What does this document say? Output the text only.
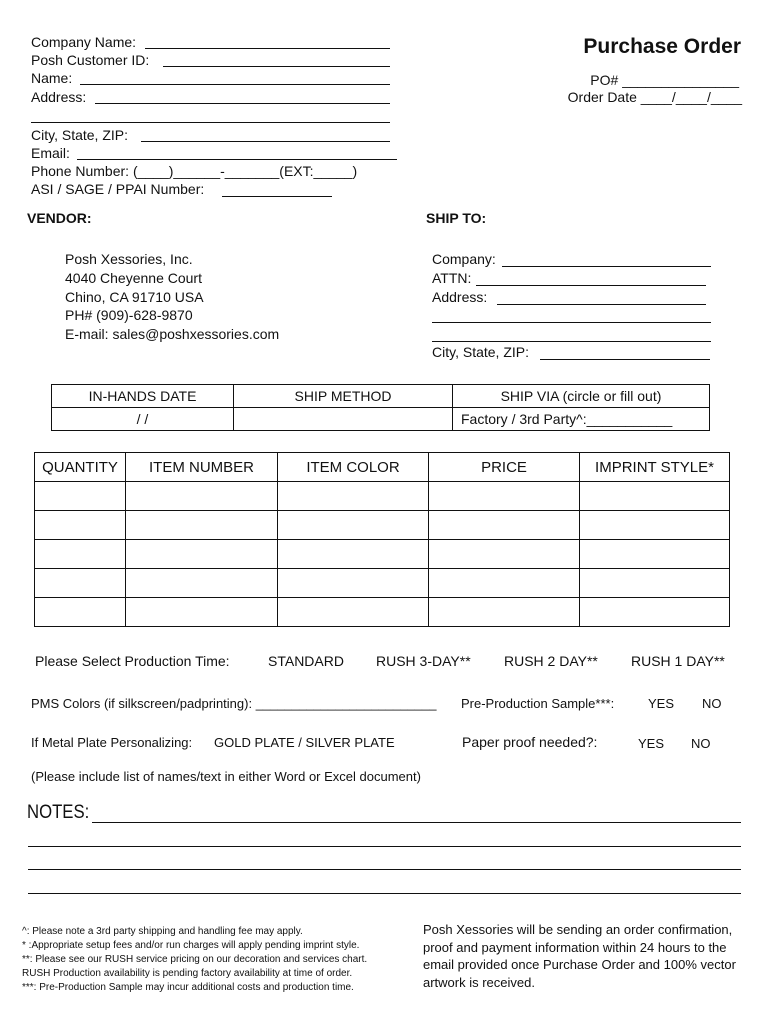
Company Name:
Posh Customer ID:
Name:
Address:
City, State, ZIP:
Email:
Phone Number: (____)______-_______(EXT:_____)
ASI / SAGE / PPAI Number:
Purchase Order
PO# _______________
Order Date ____/____/____
VENDOR:	SHIP TO:
Posh Xessories, Inc.
4040 Cheyenne Court
Chino, CA 91710 USA
PH# (909)-628-9870
E-mail: sales@poshxessories.com
Company:
ATTN:
Address:
City, State, ZIP:
IN-HANDS DATE	SHIP METHOD	SHIP VIA (circle or fill out)
/ /		Factory / 3rd Party^:___________
QUANTITY	ITEM NUMBER	ITEM COLOR	PRICE	IMPRINT STYLE*

Please Select Production Time:	STANDARD RUSH 3-DAY** RUSH 2 DAY** RUSH 1 DAY**
PMS Colors (if silkscreen/padprinting): _________________________ Pre-Production Sample***:	YES NO
If Metal Plate Personalizing: GOLD PLATE / SILVER PLATE	Paper proof needed?:	YES NO
(Please include list of names/text in either Word or Excel document)
NOTES:
^: Please note a 3rd party shipping and handling fee may apply.
* :Appropriate setup fees and/or run charges will apply pending imprint style.
**: Please see our RUSH service pricing on our decoration and services chart.
RUSH Production availability is pending factory availability at time of order.
***: Pre-Production Sample may incur additional costs and production time.
Posh Xessories will be sending an order confirmation,
proof and payment information within 24 hours to the
email provided once Purchase Order and 100% vector
artwork is received.
